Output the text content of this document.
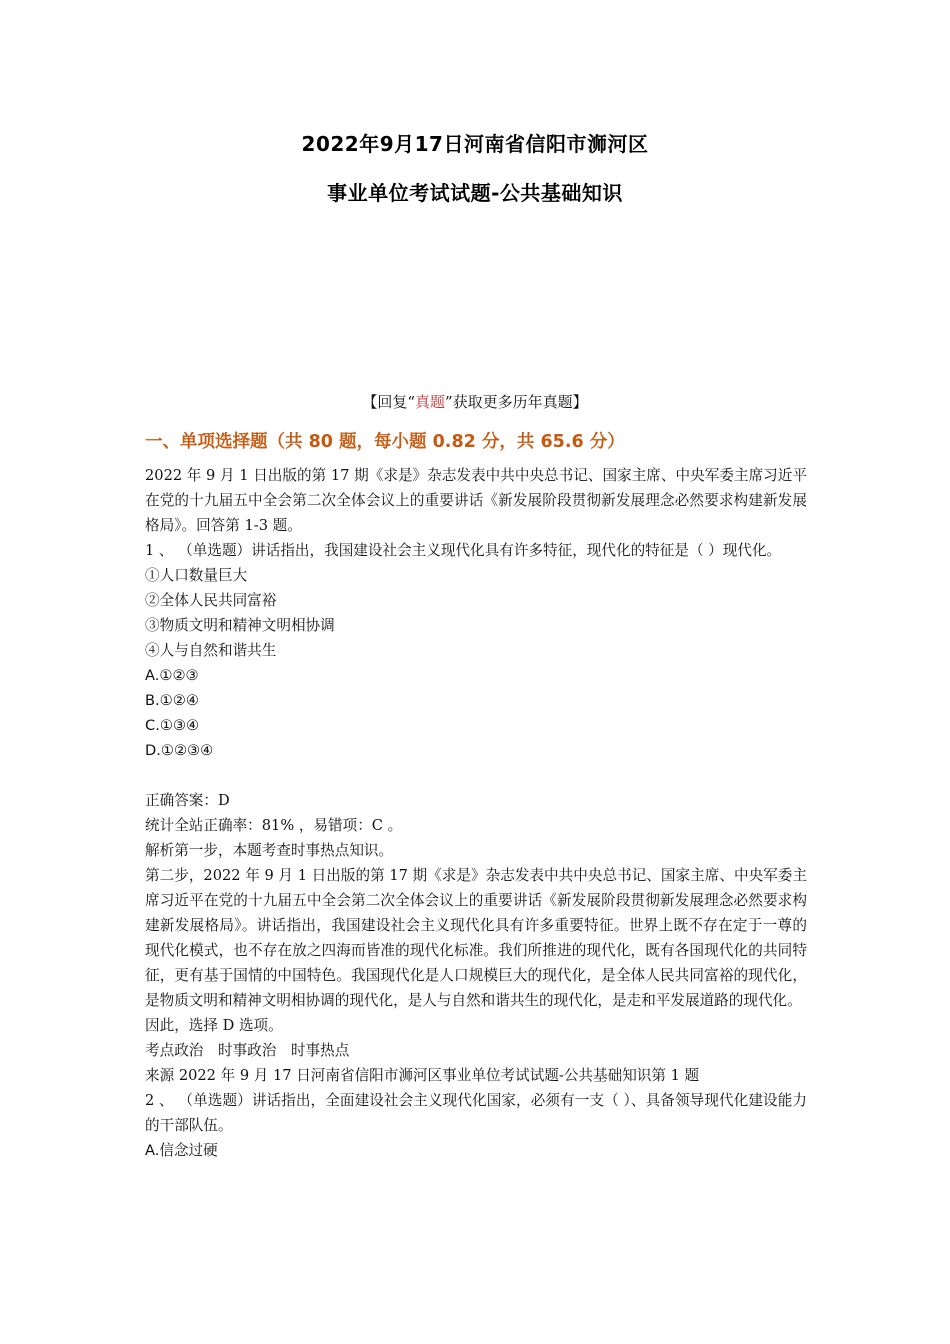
2022年9月17日河南省信阳市浉河区
事业单位考试试题-公共基础知识
【回复“真题”获取更多历年真题】
一、单项选择题（共 80 题，每小题 0.82 分，共 65.6 分）

2022 年 9 月 1 日出版的第 17 期《求是》杂志发表中共中央总书记、国家主席、中央军委主席习近平在党的十九届五中全会第二次全体会议上的重要讲话《新发展阶段贯彻新发展理念必然要求构建新发展格局》。回答第 1-3 题。

1 、 （单选题）讲话指出，我国建设社会主义现代化具有许多特征，现代化的特征是（ ）现代化。

①人口数量巨大

②全体人民共同富裕

③物质文明和精神文明相协调

④人与自然和谐共生

A.①②③

B.①②④

C.①③④

D.①②③④

正确答案：D

统计全站正确率：81% ，易错项：C 。

解析第一步，本题考查时事热点知识。

第二步，2022 年 9 月 1 日出版的第 17 期《求是》杂志发表中共中央总书记、国家主席、中央军委主席习近平在党的十九届五中全会第二次全体会议上的重要讲话《新发展阶段贯彻新发展理念必然要求构建新发展格局》。讲话指出，我国建设社会主义现代化具有许多重要特征。世界上既不存在定于一尊的现代化模式，也不存在放之四海而皆准的现代化标准。我们所推进的现代化，既有各国现代化的共同特征，更有基于国情的中国特色。我国现代化是人口规模巨大的现代化，是全体人民共同富裕的现代化，是物质文明和精神文明相协调的现代化，是人与自然和谐共生的现代化，是走和平发展道路的现代化。

因此，选择 D 选项。

考点政治　时事政治　时事热点

来源 2022 年 9 月 17 日河南省信阳市浉河区事业单位考试试题-公共基础知识第 1 题

2 、 （单选题）讲话指出，全面建设社会主义现代化国家，必须有一支（ ）、具备领导现代化建设能力的干部队伍。

A.信念过硬
